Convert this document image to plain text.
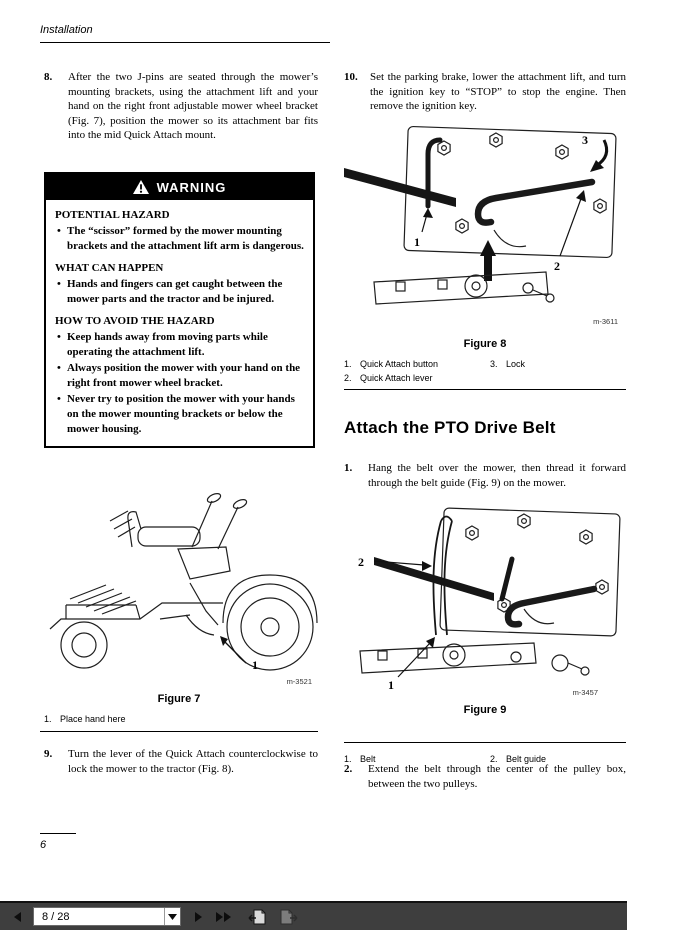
Installation
8.	After the two J-pins are seated through the mower’s mounting brackets, using the attachment lift and your hand on the right front adjustable mower wheel bracket (Fig. 7), position the mower so its attachment bar fits into the mid Quick Attach mount.
WARNING
POTENTIAL HAZARD
• The “scissor” formed by the mower mounting brackets and the attachment lift arm is dangerous.
WHAT CAN HAPPEN
• Hands and fingers can get caught between the mower parts and the tractor and be injured.
HOW TO AVOID THE HAZARD
• Keep hands away from moving parts while operating the attachment lift.
• Always position the mower with your hand on the right front mower wheel bracket.
• Never try to position the mower with your hands on the mower mounting brackets or below the mower housing.
1
m-3521
Figure 7
1. Place hand here
9.	Turn the lever of the Quick Attach counterclockwise to lock the mower to the tractor (Fig. 8).
6
10.	Set the parking brake, lower the attachment lift, and turn the ignition key to “STOP” to stop the engine. Then remove the ignition key.
3
1
2
m-3611
Figure 8
1. Quick Attach button
2. Quick Attach lever
3. Lock
Attach the PTO Drive Belt
1.	Hang the belt over the mower, then thread it forward through the belt guide (Fig. 9) on the mower.
2
1
m-3457
Figure 9
1. Belt	2. Belt guide
2.	Extend the belt through the center of the pulley box, between the two pulleys.
8 / 28
